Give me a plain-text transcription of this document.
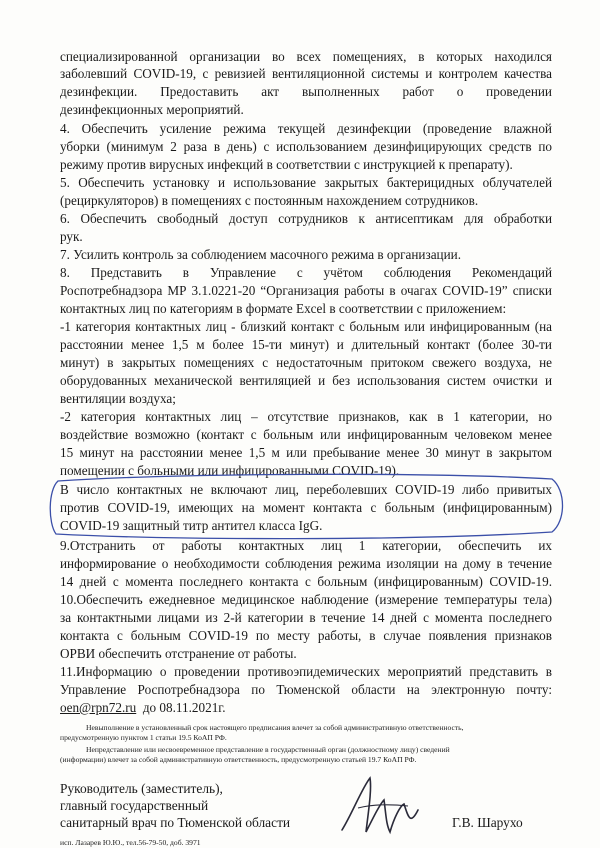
специализированной организации во всех помещениях, в которых находился
заболевший COVID-19, с ревизией вентиляционной системы и контролем качества
дезинфекции. Предоставить акт выполненных работ о проведении
дезинфекционных мероприятий.
4. Обеспечить усиление режима текущей дезинфекции (проведение влажной
уборки (минимум 2 раза в день) с использованием дезинфицирующих средств по
режиму против вирусных инфекций в соответствии с инструкцией к препарату).
5. Обеспечить установку и использование закрытых бактерицидных облучателей
(рециркуляторов) в помещениях с постоянным нахождением сотрудников.
6. Обеспечить свободный доступ сотрудников к антисептикам для обработки
рук.
7. Усилить контроль за соблюдением масочного режима в организации.
8. Представить в Управление с учётом соблюдения Рекомендаций
Роспотребнадзора МР 3.1.0221-20 “Организация работы в очагах COVID-19” списки
контактных лиц по категориям в формате Excel в соответствии с приложением:
-1 категория контактных лиц - близкий контакт с больным или инфицированным (на
расстоянии менее 1,5 м более 15-ти минут) и длительный контакт (более 30-ти
минут) в закрытых помещениях с недостаточным притоком свежего воздуха, не
оборудованных механической вентиляцией и без использования систем очистки и
вентиляции воздуха;
-2 категория контактных лиц – отсутствие признаков, как в 1 категории, но
воздействие возможно (контакт с больным или инфицированным человеком менее
15 минут на расстоянии менее 1,5 м или пребывание менее 30 минут в закрытом
помещении с больными или инфицированными COVID-19).
В число контактных не включают лиц, переболевших COVID-19 либо привитых
против COVID-19, имеющих на момент контакта с больным (инфицированным)
COVID-19 защитный титр антител класса IgG.
9.Отстранить от работы контактных лиц 1 категории, обеспечить их
информирование о необходимости соблюдения режима изоляции на дому в течение
14 дней с момента последнего контакта с больным (инфицированным) COVID-19.
10.Обеспечить ежедневное медицинское наблюдение (измерение температуры тела)
за контактными лицами из 2-й категории в течение 14 дней с момента последнего
контакта с больным COVID-19 по месту работы, в случае появления признаков
ОРВИ обеспечить отстранение от работы.
11.Информацию о проведении противоэпидемических мероприятий представить в
Управление Роспотребнадзора по Тюменской области на электронную почту:
oen@rpn72.ru до 08.11.2021г.
Невыполнение в установленный срок настоящего предписания влечет за собой административную ответственность,
предусмотренную пунктом 1 статьи 19.5 КоАП РФ.
Непредставление или несвоевременное представление в государственный орган (должностному лицу) сведений
(информации) влечет за собой административную ответственность, предусмотренную статьей 19.7 КоАП РФ.
Руководитель (заместитель),
главный государственный
санитарный врач по Тюменской области	Г.В. Шарухо
исп. Лазарев Ю.Ю., тел.56-79-50, доб. 3971
